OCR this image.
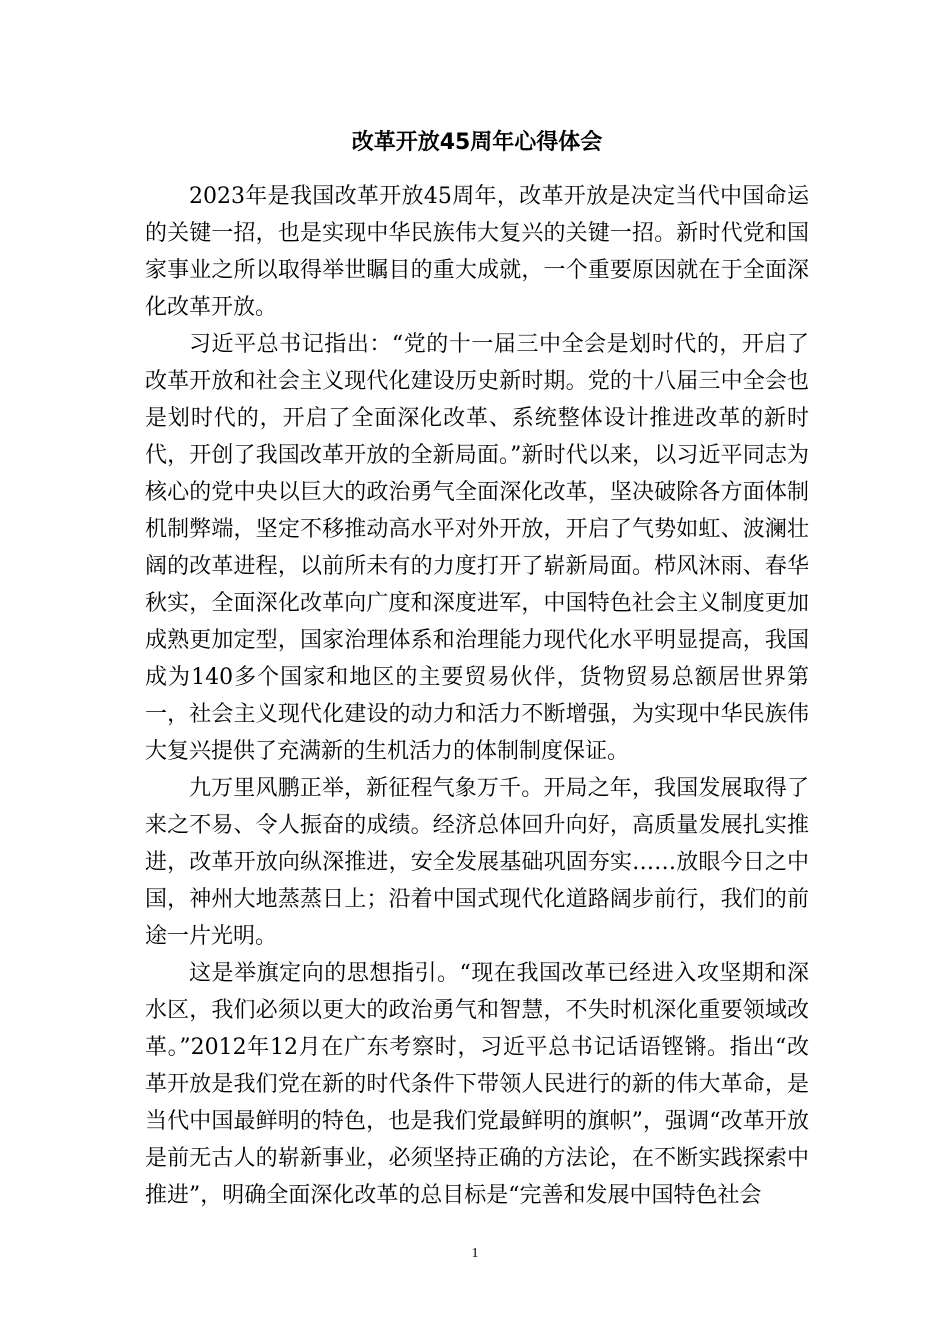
改革开放45周年心得体会

2023年是我国改革开放45周年，改革开放是决定当代中国命运的关键一招，也是实现中华民族伟大复兴的关键一招。新时代党和国家事业之所以取得举世瞩目的重大成就，一个重要原因就在于全面深化改革开放。

习近平总书记指出：“党的十一届三中全会是划时代的，开启了改革开放和社会主义现代化建设历史新时期。党的十八届三中全会也是划时代的，开启了全面深化改革、系统整体设计推进改革的新时代，开创了我国改革开放的全新局面。”新时代以来，以习近平同志为核心的党中央以巨大的政治勇气全面深化改革，坚决破除各方面体制机制弊端，坚定不移推动高水平对外开放，开启了气势如虹、波澜壮阔的改革进程，以前所未有的力度打开了崭新局面。栉风沐雨、春华秋实，全面深化改革向广度和深度进军，中国特色社会主义制度更加成熟更加定型，国家治理体系和治理能力现代化水平明显提高，我国成为140多个国家和地区的主要贸易伙伴，货物贸易总额居世界第一，社会主义现代化建设的动力和活力不断增强，为实现中华民族伟大复兴提供了充满新的生机活力的体制制度保证。

九万里风鹏正举，新征程气象万千。开局之年，我国发展取得了来之不易、令人振奋的成绩。经济总体回升向好，高质量发展扎实推进，改革开放向纵深推进，安全发展基础巩固夯实……放眼今日之中国，神州大地蒸蒸日上；沿着中国式现代化道路阔步前行，我们的前途一片光明。

这是举旗定向的思想指引。“现在我国改革已经进入攻坚期和深水区，我们必须以更大的政治勇气和智慧，不失时机深化重要领域改革。”2012年12月在广东考察时，习近平总书记话语铿锵。指出“改革开放是我们党在新的时代条件下带领人民进行的新的伟大革命，是当代中国最鲜明的特色，也是我们党最鲜明的旗帜”，强调“改革开放是前无古人的崭新事业，必须坚持正确的方法论，在不断实践探索中推进”，明确全面深化改革的总目标是“完善和发展中国特色社会

1
